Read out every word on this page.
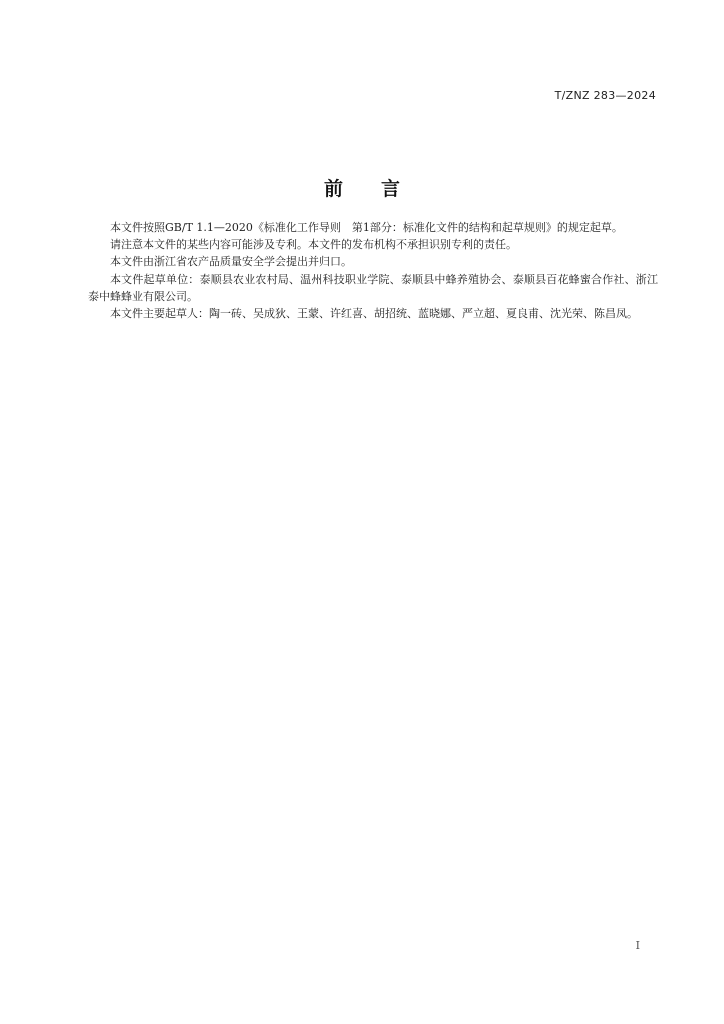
T/ZNZ 283—2024
前 言

本文件按照GB/T 1.1—2020《标准化工作导则　第1部分：标准化文件的结构和起草规则》的规定起草。

请注意本文件的某些内容可能涉及专利。本文件的发布机构不承担识别专利的责任。

本文件由浙江省农产品质量安全学会提出并归口。

本文件起草单位：泰顺县农业农村局、温州科技职业学院、泰顺县中蜂养殖协会、泰顺县百花蜂蜜合作社、浙江泰中蜂蜂业有限公司。

本文件主要起草人：陶一砖、吴成狄、王蒙、许红喜、胡招统、蓝晓娜、严立超、夏良甫、沈光荣、陈昌凤。

I
